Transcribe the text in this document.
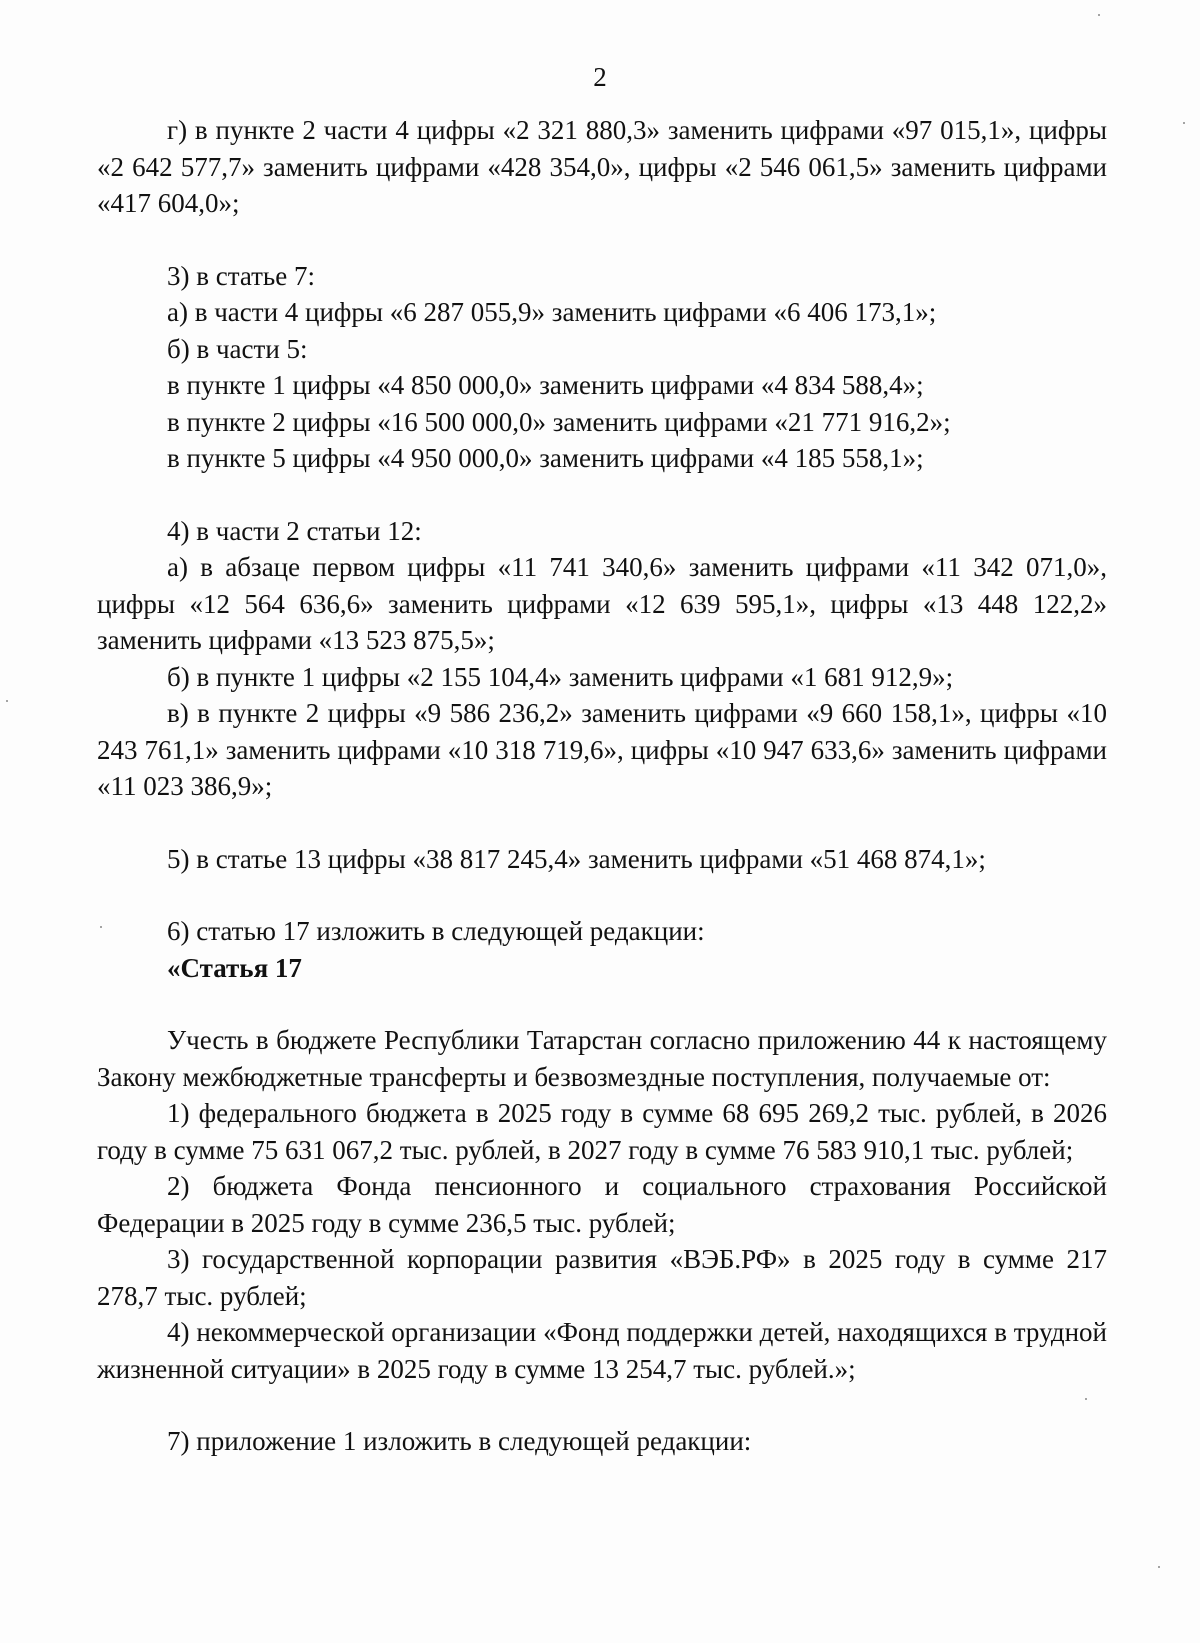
2

г) в пункте 2 части 4 цифры «2 321 880,3» заменить цифрами «97 015,1», цифры «2 642 577,7» заменить цифрами «428 354,0», цифры «2 546 061,5» заменить цифрами «417 604,0»;

3) в статье 7:

а) в части 4 цифры «6 287 055,9» заменить цифрами «6 406 173,1»;

б) в части 5:

в пункте 1 цифры «4 850 000,0» заменить цифрами «4 834 588,4»;

в пункте 2 цифры «16 500 000,0» заменить цифрами «21 771 916,2»;

в пункте 5 цифры «4 950 000,0» заменить цифрами «4 185 558,1»;

4) в части 2 статьи 12:

а) в абзаце первом цифры «11 741 340,6» заменить цифрами «11 342 071,0», цифры «12 564 636,6» заменить цифрами «12 639 595,1», цифры «13 448 122,2» заменить цифрами «13 523 875,5»;

б) в пункте 1 цифры «2 155 104,4» заменить цифрами «1 681 912,9»;

в) в пункте 2 цифры «9 586 236,2» заменить цифрами «9 660 158,1», цифры «10 243 761,1» заменить цифрами «10 318 719,6», цифры «10 947 633,6» заменить цифрами «11 023 386,9»;

5) в статье 13 цифры «38 817 245,4» заменить цифрами «51 468 874,1»;

6) статью 17 изложить в следующей редакции:

«Статья 17

Учесть в бюджете Республики Татарстан согласно приложению 44 к настоящему Закону межбюджетные трансферты и безвозмездные поступления, получаемые от:

1) федерального бюджета в 2025 году в сумме 68 695 269,2 тыс. рублей, в 2026 году в сумме 75 631 067,2 тыс. рублей, в 2027 году в сумме 76 583 910,1 тыс. рублей;

2) бюджета Фонда пенсионного и социального страхования Российской Федерации в 2025 году в сумме 236,5 тыс. рублей;

3) государственной корпорации развития «ВЭБ.РФ» в 2025 году в сумме 217 278,7 тыс. рублей;

4) некоммерческой организации «Фонд поддержки детей, находящихся в трудной жизненной ситуации» в 2025 году в сумме 13 254,7 тыс. рублей.»;

7) приложение 1 изложить в следующей редакции:
